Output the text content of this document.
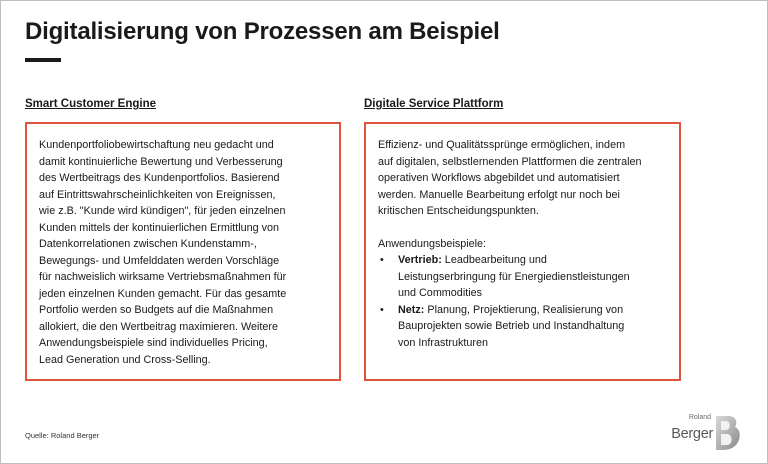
Digitalisierung von Prozessen am Beispiel
Smart Customer Engine	Digitale Service Plattform
Kundenportfoliobewirtschaftung neu gedacht und
damit kontinuierliche Bewertung und Verbesserung
des Wertbeitrags des Kundenportfolios. Basierend
auf Eintrittswahrscheinlichkeiten von Ereignissen,
wie z.B. "Kunde wird kündigen", für jeden einzelnen
Kunden mittels der kontinuierlichen Ermittlung von
Datenkorrelationen zwischen Kundenstamm-,
Bewegungs- und Umfelddaten werden Vorschläge
für nachweislich wirksame Vertriebsmaßnahmen für
jeden einzelnen Kunden gemacht. Für das gesamte
Portfolio werden so Budgets auf die Maßnahmen
allokiert, die den Wertbeitrag maximieren. Weitere
Anwendungsbeispiele sind individuelles Pricing,
Lead Generation und Cross-Selling.
Effizienz- und Qualitätssprünge ermöglichen, indem
auf digitalen, selbstlernenden Plattformen die zentralen
operativen Workflows abgebildet und automatisiert
werden. Manuelle Bearbeitung erfolgt nur noch bei
kritischen Entscheidungspunkten.
Anwendungsbeispiele:
• Vertrieb: Leadbearbeitung und
Leistungserbringung für Energiedienstleistungen
und Commodities
• Netz: Planung, Projektierung, Realisierung von
Bauprojekten sowie Betrieb und Instandhaltung
von Infrastrukturen
Quelle: Roland Berger
Roland
Berger
